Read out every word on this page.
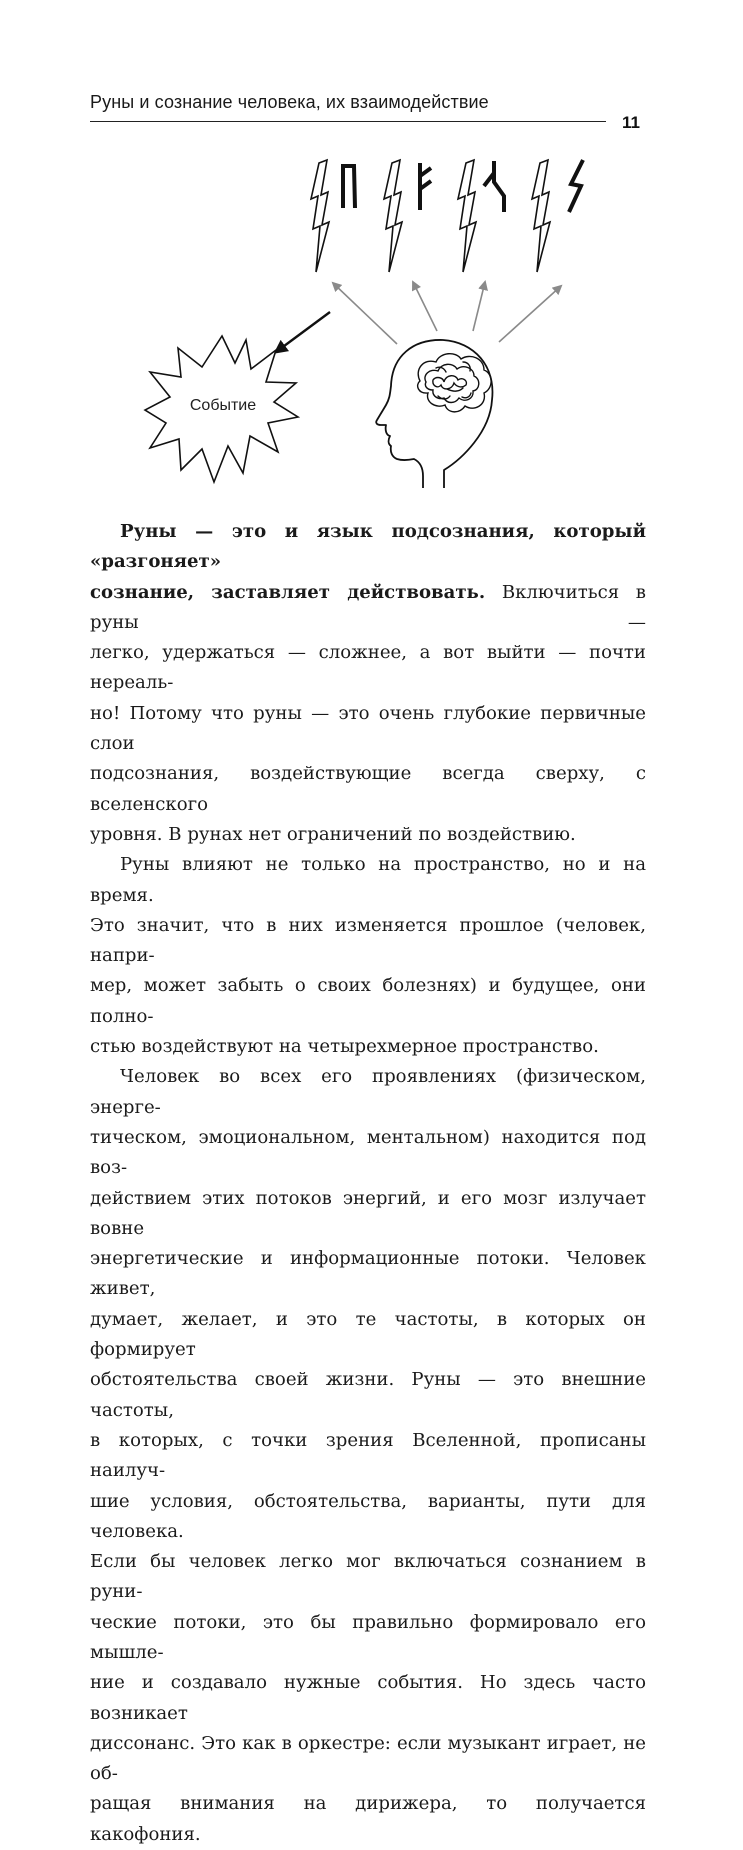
Руны и сознание человека, их взаимодействие
11
Событие

Руны — это и язык подсознания, который «разгоняет»
сознание, заставляет действовать. Включиться в руны —
легко, удержаться — сложнее, а вот выйти — почти нереаль-
но! Потому что руны — это очень глубокие первичные слои
подсознания, воздействующие всегда сверху, с вселенского
уровня. В рунах нет ограничений по воздействию.

Руны влияют не только на пространство, но и на время.
Это значит, что в них изменяется прошлое (человек, напри-
мер, может забыть о своих болезнях) и будущее, они полно-
стью воздействуют на четырехмерное пространство.

Человек во всех его проявлениях (физическом, энерге-
тическом, эмоциональном, ментальном) находится под воз-
действием этих потоков энергий, и его мозг излучает вовне
энергетические и информационные потоки. Человек живет,
думает, желает, и это те частоты, в которых он формирует
обстоятельства своей жизни. Руны — это внешние частоты,
в которых, с точки зрения Вселенной, прописаны наилуч-
шие условия, обстоятельства, варианты, пути для человека.
Если бы человек легко мог включаться сознанием в руни-
ческие потоки, это бы правильно формировало его мышле-
ние и создавало нужные события. Но здесь часто возникает
диссонанс. Это как в оркестре: если музыкант играет, не об-
ращая внимания на дирижера, то получается какофония.
